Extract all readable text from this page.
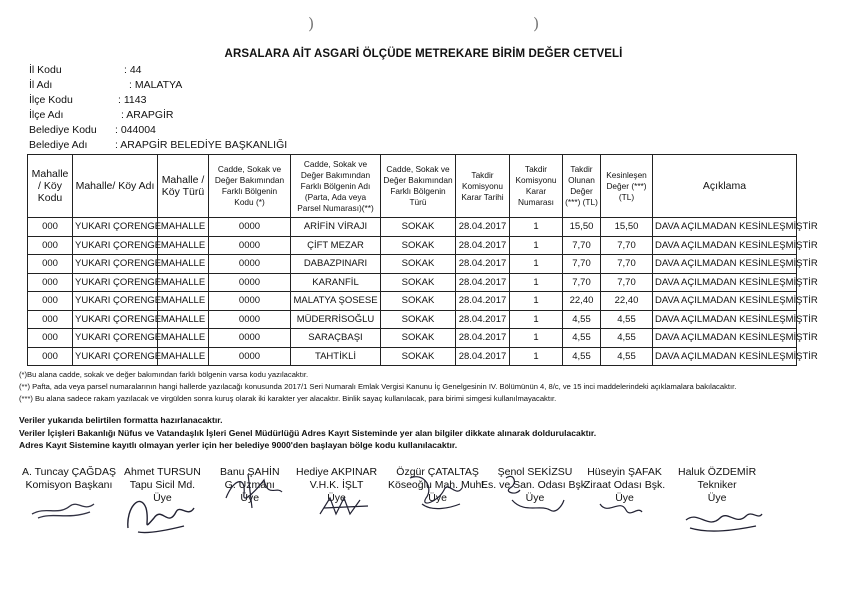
)	)
ARSALARA AİT ASGARİ ÖLÇÜDE METREKARE BİRİM DEĞER CETVELİ
İl Kodu	: 44
İl Adı	: MALATYA
İlçe Kodu	: 1143
İlçe Adı	: ARAPGİR
Belediye Kodu : 044004
Belediye Adı	: ARAPGİR BELEDİYE BAŞKANLIĞI
Mahalle / Köy Kodu	Mahalle/ Köy Adı	Mahalle / Köy Türü	Cadde, Sokak ve Değer Bakımından Farklı Bölgenin Kodu (*)	Cadde, Sokak ve Değer Bakımından Farklı Bölgenin Adı (Parta, Ada veya Parsel Numarası)(**)	Cadde, Sokak ve Değer Bakımından Farklı Bölgenin Türü	Takdir Komisyonu Karar Tarihi	Takdir Komisyonu Karar Numarası	Takdir Olunan Değer (***) (TL)	Kesinleşen Değer (***) (TL)	Açıklama
000	YUKARI ÇORENGE	MAHALLE	0000	ARİFİN VİRAJI	SOKAK	28.04.2017	1	15,50	15,50	DAVA AÇILMADAN KESİNLEŞMİŞTİR
000	YUKARI ÇORENGE	MAHALLE	0000	ÇİFT MEZAR	SOKAK	28.04.2017	1	7,70	7,70	DAVA AÇILMADAN KESİNLEŞMİŞTİR
000	YUKARI ÇORENGE	MAHALLE	0000	DABAZPINARI	SOKAK	28.04.2017	1	7,70	7,70	DAVA AÇILMADAN KESİNLEŞMİŞTİR
000	YUKARI ÇORENGE	MAHALLE	0000	KARANFİL	SOKAK	28.04.2017	1	7,70	7,70	DAVA AÇILMADAN KESİNLEŞMİŞTİR
000	YUKARI ÇORENGE	MAHALLE	0000	MALATYA ŞOSESE	SOKAK	28.04.2017	1	22,40	22,40	DAVA AÇILMADAN KESİNLEŞMİŞTİR
000	YUKARI ÇORENGE	MAHALLE	0000	MÜDERRİSOĞLU	SOKAK	28.04.2017	1	4,55	4,55	DAVA AÇILMADAN KESİNLEŞMİŞTİR
000	YUKARI ÇORENGE	MAHALLE	0000	SARAÇBAŞI	SOKAK	28.04.2017	1	4,55	4,55	DAVA AÇILMADAN KESİNLEŞMİŞTİR
000	YUKARI ÇORENGE	MAHALLE	0000	TAHTİKLİ	SOKAK	28.04.2017	1	4,55	4,55	DAVA AÇILMADAN KESİNLEŞMİŞTİR
(*)Bu alana cadde, sokak ve değer bakımından farklı bölgenin varsa kodu yazılacaktır.
(**) Pafta, ada veya parsel numaralarının hangi hallerde yazılacağı konusunda 2017/1 Seri Numaralı Emlak Vergisi Kanunu İç Genelgesinin IV. Bölümünün 4, 8/c, ve 15 inci maddelerindeki açıklamalara bakılacaktır.
(***) Bu alana sadece rakam yazılacak ve virgülden sonra kuruş olarak iki karakter yer alacaktır. Binlik sayaç kullanılacak, para birimi simgesi kullanılmayacaktır.
Veriler yukarıda belirtilen formatta hazırlanacaktır.
Veriler İçişleri Bakanlığı Nüfus ve Vatandaşlık İşleri Genel Müdürlüğü Adres Kayıt Sisteminde yer alan bilgiler dikkate alınarak doldurulacaktır.
Adres Kayıt Sistemine kayıtlı olmayan yerler için her belediye 9000'den başlayan bölge kodu kullanılacaktır.
A. Tuncay ÇAĞDAŞ
Komisyon Başkanı
Ahmet TURSUN
Tapu Sicil Md.
Üye
Banu ŞAHİN
G. Uzmanı
Üye
Hediye AKPINAR
V.H.K. İŞLT
Üye
Özgür ÇATALTAŞ
Köseoğlu Mah. Muht.
Üye
Şenol SEKİZSU
Es. ve San. Odası Bşk.
Üye
Hüseyin ŞAFAK
Ziraat Odası Bşk.
Üye
Haluk ÖZDEMİR
Tekniker
Üye
